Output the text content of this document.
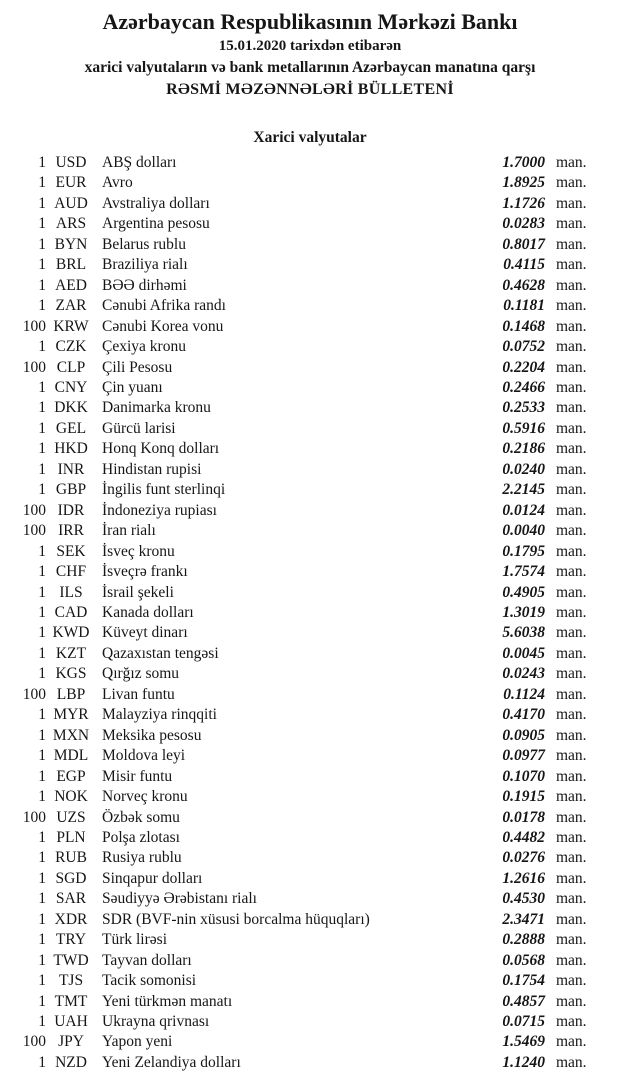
Azərbaycan Respublikasının Mərkəzi Bankı
15.01.2020 tarixdən etibarən
xarici valyutaların və bank metallarının Azərbaycan manatına qarşı
RƏSMİ MƏZƏNNƏLƏRİ BÜLLETENİ
Xarici valyutalar
1 USD	ABŞ dolları	1.7000 man.
1 EUR	Avro	1.8925 man.
1 AUD Avstraliya dolları	1.1726 man.
1 ARS	Argentina pesosu	0.0283 man.
1 BYN Belarus rublu	0.8017 man.
1 BRL	Braziliya rialı	0.4115 man.
1 AED BƏƏ dirhəmi	0.4628 man.
1 ZAR	Cənubi Afrika randı	0.1181 man.
100 KRW Cənubi Korea vonu	0.1468 man.
1 CZK	Çexiya kronu	0.0752 man.
100 CLP	Çili Pesosu	0.2204 man.
1 CNY Çin yuanı	0.2466 man.
1 DKK Danimarka kronu	0.2533 man.
1 GEL	Gürcü larisi	0.5916 man.
1 HKD Honq Konq dolları	0.2186 man.
1 INR	Hindistan rupisi	0.0240 man.
1 GBP	İngilis funt sterlinqi	2.2145 man.
100 IDR	İndoneziya rupiası	0.0124 man.
100 IRR	İran rialı	0.0040 man.
1 SEK	İsveç kronu	0.1795 man.
1 CHF	İsveçrə frankı	1.7574 man.
1 ILS	İsrail şekeli	0.4905 man.
1 CAD Kanada dolları	1.3019 man.
1 KWD Küveyt dinarı	5.6038 man.
1 KZT	Qazaxıstan tengəsi	0.0045 man.
1 KGS	Qırğız somu	0.0243 man.
100 LBP	Livan funtu	0.1124 man.
1 MYR Malayziya rinqqiti	0.4170 man.
1 MXN Meksika pesosu	0.0905 man.
1 MDL Moldova leyi	0.0977 man.
1 EGP	Misir funtu	0.1070 man.
1 NOK Norveç kronu	0.1915 man.
100 UZS	Özbək somu	0.0178 man.
1 PLN	Polşa zlotası	0.4482 man.
1 RUB Rusiya rublu	0.0276 man.
1 SGD	Sinqapur dolları	1.2616 man.
1 SAR	Səudiyyə Ərəbistanı rialı	0.4530 man.
1 XDR SDR (BVF-nin xüsusi borcalma hüquqları)	2.3471 man.
1 TRY	Türk lirəsi	0.2888 man.
1 TWD Tayvan dolları	0.0568 man.
1 TJS	Tacik somonisi	0.1754 man.
1 TMT Yeni türkmən manatı	0.4857 man.
1 UAH Ukrayna qrivnası	0.0715 man.
100 JPY	Yapon yeni	1.5469 man.
1 NZD Yeni Zelandiya dolları	1.1240 man.
